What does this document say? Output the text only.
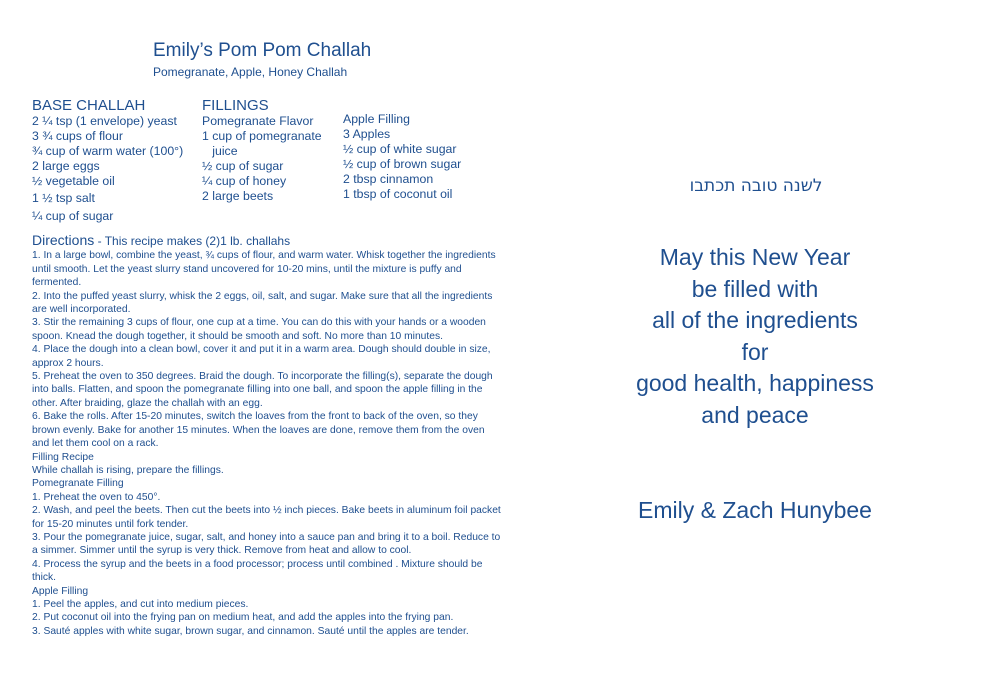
Emily’s Pom Pom Challah
Pomegranate, Apple, Honey Challah
BASE CHALLAH	FILLINGS
2 ¼ tsp (1 envelope) yeast
3 ¾ cups of flour
¾ cup of warm water (100°)
2 large eggs
½ vegetable oil
1 ½ tsp salt
¼ cup of sugar
Pomegranate Flavor
1 cup of pomegranate
juice
½ cup of sugar
¼ cup of honey
2 large beets
Apple Filling
3 Apples
½ cup of white sugar
½ cup of brown sugar
2 tbsp cinnamon
1 tbsp of coconut oil
Directions - This recipe makes (2)1 lb. challahs

1. In a large bowl, combine the yeast, ¾ cups of flour, and warm water. Whisk together the ingredients until smooth. Let the yeast slurry stand uncovered for 10-20 mins, until the mixture is puffy and fermented.

2. Into the puffed yeast slurry, whisk the 2 eggs, oil, salt, and sugar. Make sure that all the ingredients are well incorporated.

3. Stir the remaining 3 cups of flour, one cup at a time. You can do this with your hands or a wooden spoon. Knead the dough together, it should be smooth and soft. No more than 10 minutes.

4. Place the dough into a clean bowl, cover it and put it in a warm area. Dough should double in size, approx 2 hours.

5. Preheat the oven to 350 degrees. Braid the dough. To incorporate the filling(s), separate the dough into balls. Flatten, and spoon the pomegranate filling into one ball, and spoon the apple filling in the other. After braiding, glaze the challah with an egg.

6. Bake the rolls. After 15-20 minutes, switch the loaves from the front to back of the oven, so they brown evenly. Bake for another 15 minutes. When the loaves are done, remove them from the oven and let them cool on a rack.

Filling Recipe

While challah is rising, prepare the fillings.

Pomegranate Filling

1. Preheat the oven to 450°.

2. Wash, and peel the beets. Then cut the beets into ½ inch pieces. Bake beets in aluminum foil packet for 15-20 minutes until fork tender.

3. Pour the pomegranate juice, sugar, salt, and honey into a sauce pan and bring it to a boil. Reduce to a simmer. Simmer until the syrup is very thick. Remove from heat and allow to cool.

4. Process the syrup and the beets in a food processor; process until combined . Mixture should be thick.

Apple Filling

1. Peel the apples, and cut into medium pieces.

2. Put coconut oil into the frying pan on medium heat, and add the apples into the frying pan.

3. Sauté apples with white sugar, brown sugar, and cinnamon. Sauté until the apples are tender.

לשנה טובה תכתבו
May this New Year
be filled with
all of the ingredients
for
good health, happiness
and peace
Emily & Zach Hunybee
